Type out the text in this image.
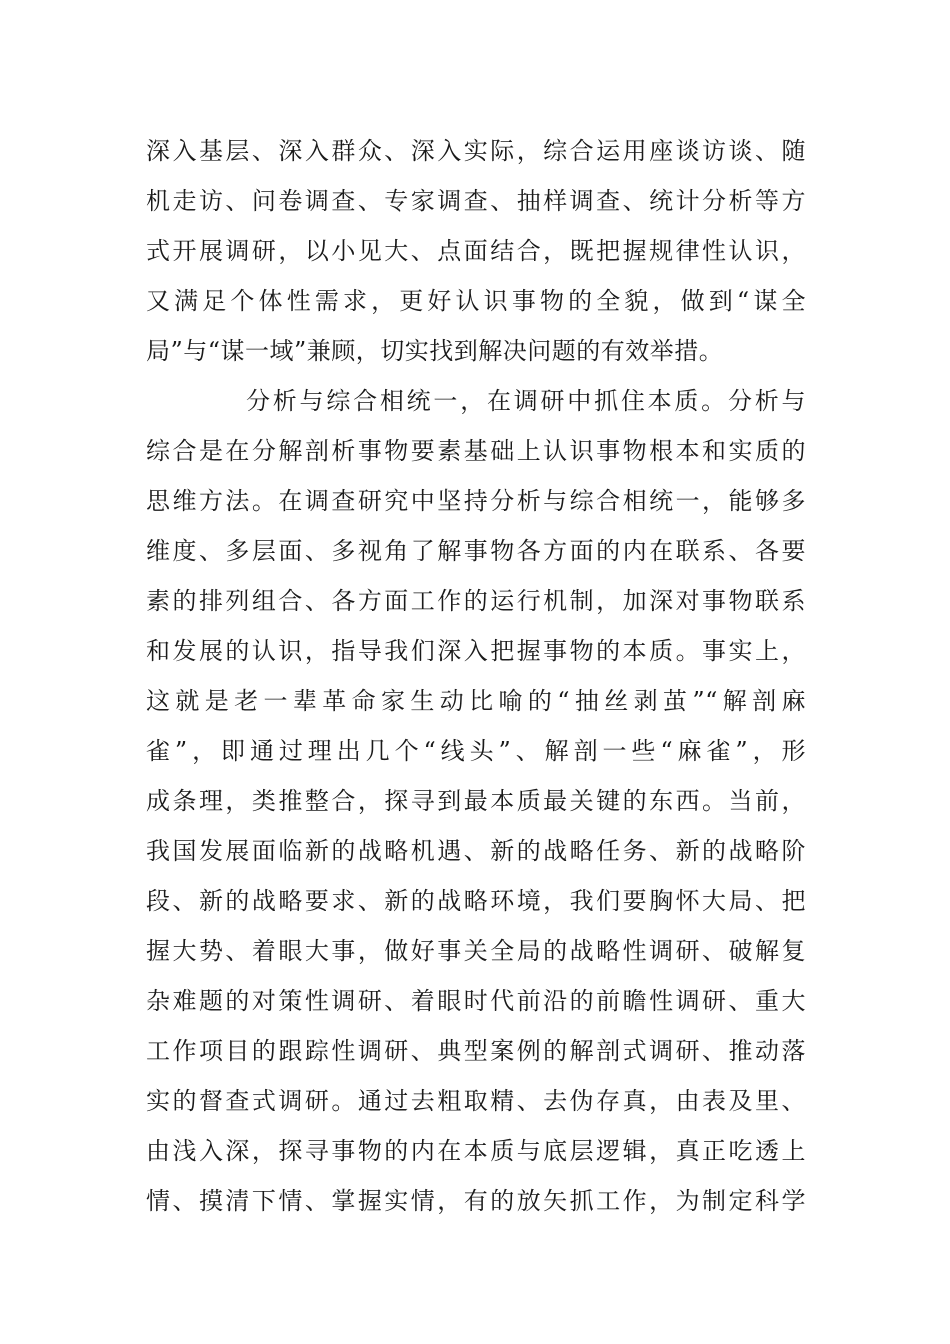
深入基层、深入群众、深入实际，综合运用座谈访谈、随
机走访、问卷调查、专家调查、抽样调查、统计分析等方
式开展调研，以小见大、点面结合，既把握规律性认识，
又满足个体性需求，更好认识事物的全貌，做到“谋全
局”与“谋一域”兼顾，切实找到解决问题的有效举措。
分析与综合相统一，在调研中抓住本质。分析与
综合是在分解剖析事物要素基础上认识事物根本和实质的
思维方法。在调查研究中坚持分析与综合相统一，能够多
维度、多层面、多视角了解事物各方面的内在联系、各要
素的排列组合、各方面工作的运行机制，加深对事物联系
和发展的认识，指导我们深入把握事物的本质。事实上，
这就是老一辈革命家生动比喻的“抽丝剥茧”“解剖麻
雀”，即通过理出几个“线头”、解剖一些“麻雀”，形
成条理，类推整合，探寻到最本质最关键的东西。当前，
我国发展面临新的战略机遇、新的战略任务、新的战略阶
段、新的战略要求、新的战略环境，我们要胸怀大局、把
握大势、着眼大事，做好事关全局的战略性调研、破解复
杂难题的对策性调研、着眼时代前沿的前瞻性调研、重大
工作项目的跟踪性调研、典型案例的解剖式调研、推动落
实的督查式调研。通过去粗取精、去伪存真，由表及里、
由浅入深，探寻事物的内在本质与底层逻辑，真正吃透上
情、摸清下情、掌握实情，有的放矢抓工作，为制定科学
